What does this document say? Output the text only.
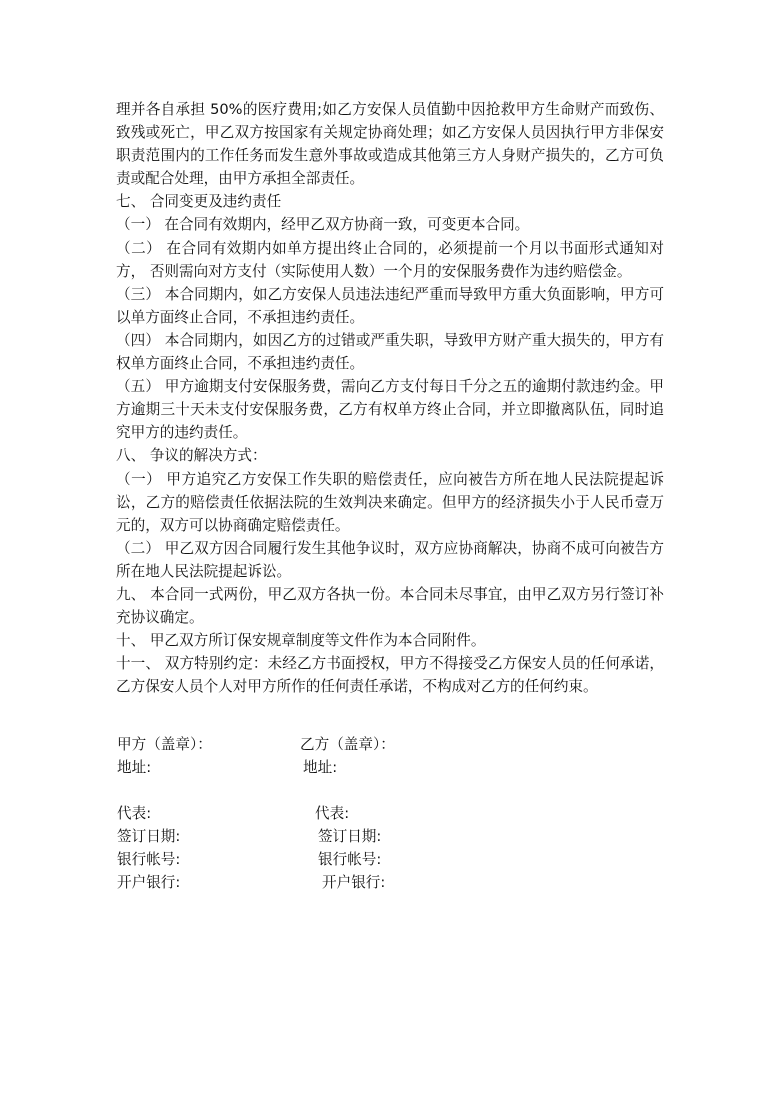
理并各自承担 50%的医疗费用;如乙方安保人员值勤中因抢救甲方生命财产而致伤、致残或死亡，甲乙双方按国家有关规定协商处理；如乙方安保人员因执行甲方非保安职责范围内的工作任务而发生意外事故或造成其他第三方人身财产损失的，乙方可负责或配合处理，由甲方承担全部责任。

七、 合同变更及违约责任

（一） 在合同有效期内，经甲乙双方协商一致，可变更本合同。

（二） 在合同有效期内如单方提出终止合同的，必须提前一个月以书面形式通知对方， 否则需向对方支付（实际使用人数）一个月的安保服务费作为违约赔偿金。

（三） 本合同期内，如乙方安保人员违法违纪严重而导致甲方重大负面影响，甲方可以单方面终止合同，不承担违约责任。

（四） 本合同期内，如因乙方的过错或严重失职，导致甲方财产重大损失的，甲方有权单方面终止合同，不承担违约责任。

（五） 甲方逾期支付安保服务费，需向乙方支付每日千分之五的逾期付款违约金。甲方逾期三十天未支付安保服务费，乙方有权单方终止合同，并立即撤离队伍，同时追究甲方的违约责任。

八、 争议的解决方式：

（一） 甲方追究乙方安保工作失职的赔偿责任，应向被告方所在地人民法院提起诉讼，乙方的赔偿责任依据法院的生效判决来确定。但甲方的经济损失小于人民币壹万元的，双方可以协商确定赔偿责任。

（二） 甲乙双方因合同履行发生其他争议时，双方应协商解决，协商不成可向被告方所在地人民法院提起诉讼。

九、 本合同一式两份，甲乙双方各执一份。本合同未尽事宜，由甲乙双方另行签订补充协议确定。

十、 甲乙双方所订保安规章制度等文件作为本合同附件。

十一、 双方特别约定：未经乙方书面授权，甲方不得接受乙方保安人员的任何承诺，乙方保安人员个人对甲方所作的任何责任承诺，不构成对乙方的任何约束。

甲方（盖章）：	乙方（盖章）：
地址:	地址:
代表:	代表:
签订日期:	签订日期:
银行帐号:	银行帐号:
开户银行:	开户银行:
